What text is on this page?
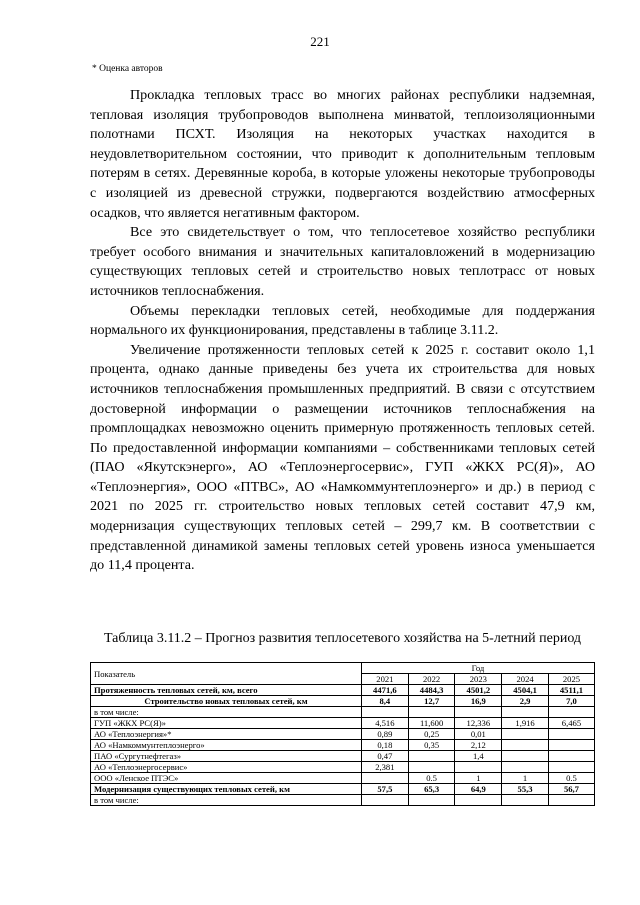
221
* Оценка авторов

Прокладка тепловых трасс во многих районах республики надземная, тепловая изоляция трубопроводов выполнена минватой, теплоизоляционными полотнами ПСХТ. Изоляция на некоторых участках находится в неудовлетворительном состоянии, что приводит к дополнительным тепловым потерям в сетях. Деревянные короба, в которые уложены некоторые трубопроводы с изоляцией из древесной стружки, подвергаются воздействию атмосферных осадков, что является негативным фактором.

Все это свидетельствует о том, что теплосетевое хозяйство республики требует особого внимания и значительных капиталовложений в модернизацию существующих тепловых сетей и строительство новых теплотрасс от новых источников теплоснабжения.

Объемы перекладки тепловых сетей, необходимые для поддержания нормального их функционирования, представлены в таблице 3.11.2.

Увеличение протяженности тепловых сетей к 2025 г. составит около 1,1 процента, однако данные приведены без учета их строительства для новых источников теплоснабжения промышленных предприятий. В связи с отсутствием достоверной информации о размещении источников теплоснабжения на промплощадках невозможно оценить примерную протяженность тепловых сетей. По предоставленной информации компаниями – собственниками тепловых сетей (ПАО «Якутскэнерго», АО «Теплоэнергосервис», ГУП «ЖКХ РС(Я)», АО «Теплоэнергия», ООО «ПТВС», АО «Намкоммунтеплоэнерго» и др.) в период с 2021 по 2025 гг. строительство новых тепловых сетей составит 47,9 км, модернизация существующих тепловых сетей – 299,7 км. В соответствии с представленной динамикой замены тепловых сетей уровень износа уменьшается до 11,4 процента.

Таблица 3.11.2 – Прогноз развития теплосетевого хозяйства на 5-летний период
Показатель	Год				
	2021	2022	2023	2024	2025
Протяженность тепловых сетей, км, всего	4471,6	4484,3	4501,2	4504,1	4511,1
Строительство новых тепловых сетей, км	8,4	12,7	16,9	2,9	7,0
в том числе:					
ГУП «ЖКХ РС(Я)»	4,516	11,600	12,336	1,916	6,465
АО «Теплоэнергия»*	0,89	0,25	0,01		
АО «Намкоммунтеплоэнерго»	0,18	0,35	2,12		
ПАО «Сургутнефтегаз»	0,47		1,4		
АО «Теплоэнергосервис»	2,381				
ООО «Ленское ПТЭС»		0.5	1	1	0.5
Модернизация существующих тепловых сетей, км	57,5	65,3	64,9	55,3	56,7
в том числе:					
